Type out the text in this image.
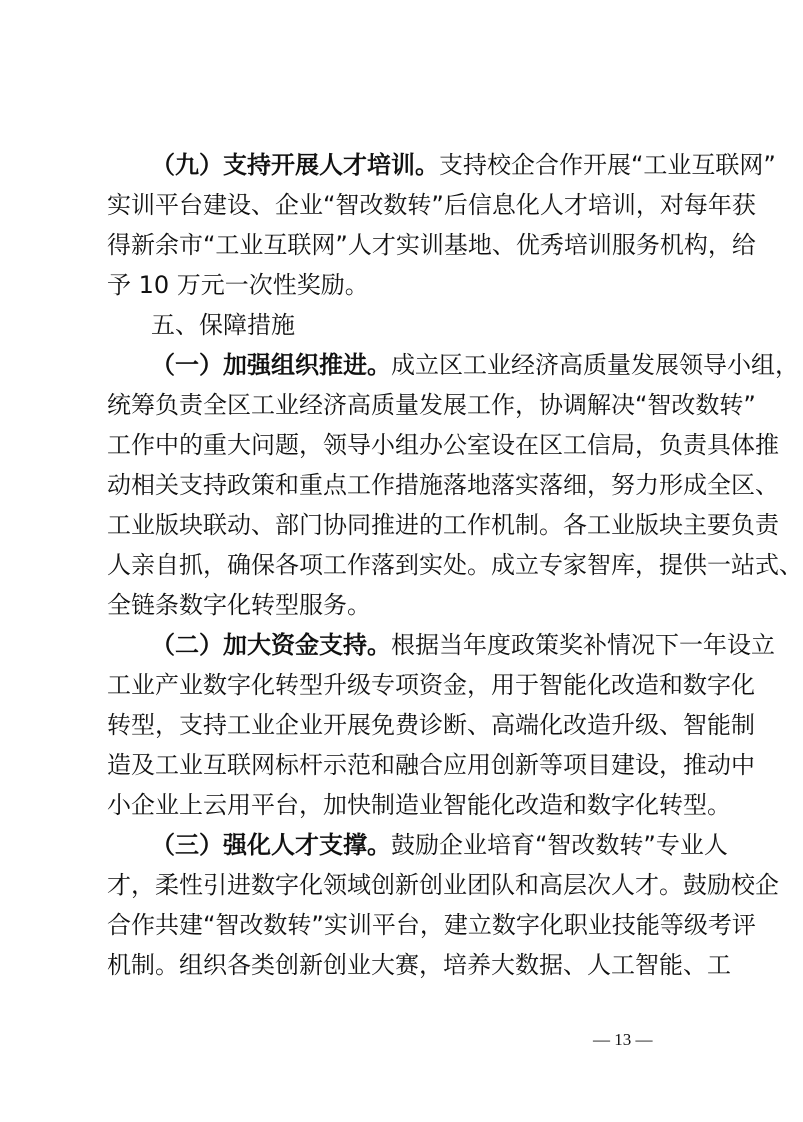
（九）支持开展人才培训。支持校企合作开展“工业互联网”
实训平台建设、企业“智改数转”后信息化人才培训，对每年获
得新余市“工业互联网”人才实训基地、优秀培训服务机构，给
予 10 万元一次性奖励。
五、保障措施
（一）加强组织推进。成立区工业经济高质量发展领导小组，
统筹负责全区工业经济高质量发展工作，协调解决“智改数转”
工作中的重大问题，领导小组办公室设在区工信局，负责具体推
动相关支持政策和重点工作措施落地落实落细，努力形成全区、
工业版块联动、部门协同推进的工作机制。各工业版块主要负责
人亲自抓，确保各项工作落到实处。成立专家智库，提供一站式、
全链条数字化转型服务。
（二）加大资金支持。根据当年度政策奖补情况下一年设立
工业产业数字化转型升级专项资金，用于智能化改造和数字化
转型，支持工业企业开展免费诊断、高端化改造升级、智能制
造及工业互联网标杆示范和融合应用创新等项目建设，推动中
小企业上云用平台，加快制造业智能化改造和数字化转型。
（三）强化人才支撑。鼓励企业培育“智改数转”专业人
才，柔性引进数字化领域创新创业团队和高层次人才。鼓励校企
合作共建“智改数转”实训平台，建立数字化职业技能等级考评
机制。组织各类创新创业大赛，培养大数据、人工智能、工
— 13 —
